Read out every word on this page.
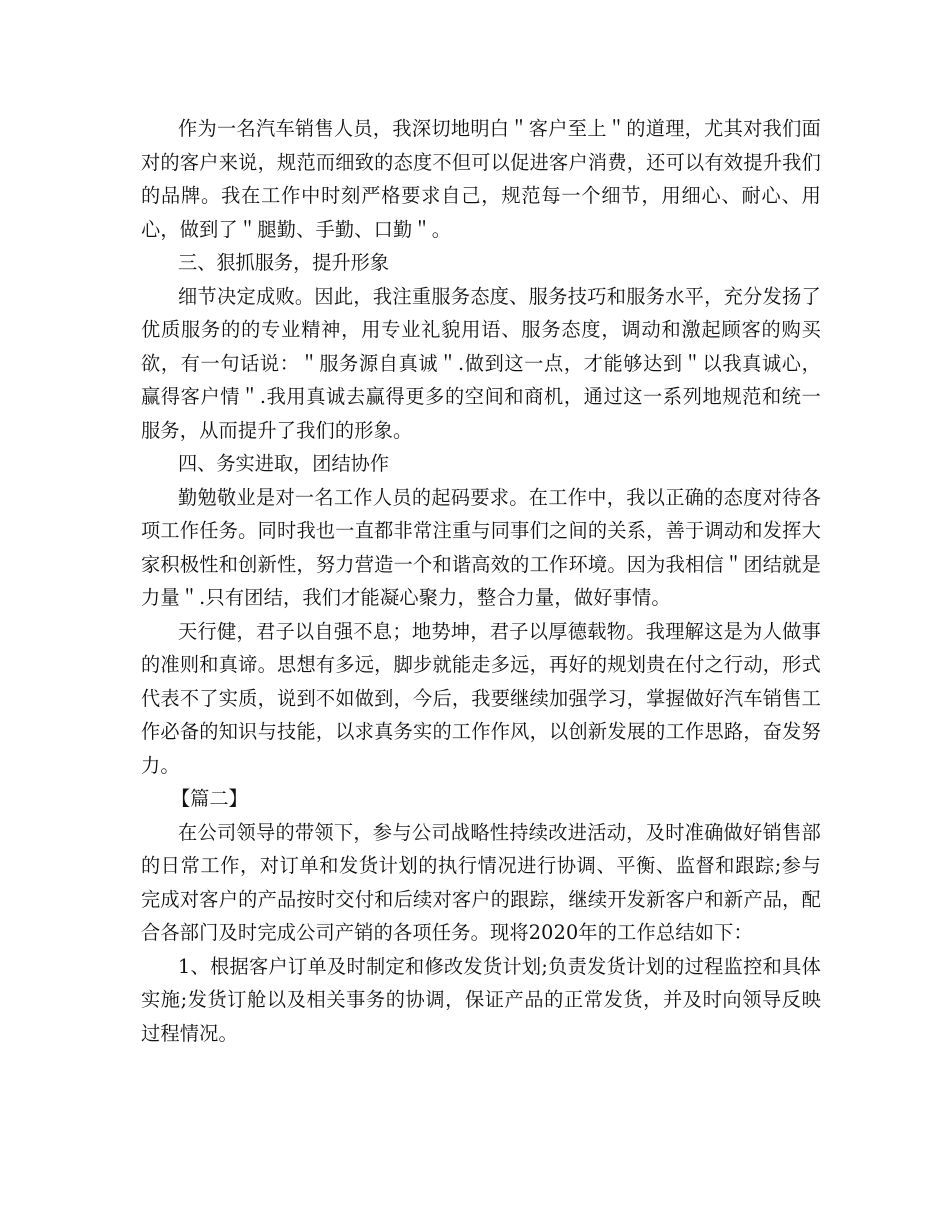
作为一名汽车销售人员，我深切地明白＂客户至上＂的道理，尤其对我们面对的客户来说，规范而细致的态度不但可以促进客户消费，还可以有效提升我们的品牌。我在工作中时刻严格要求自己，规范每一个细节，用细心、耐心、用心，做到了＂腿勤、手勤、口勤＂。

三、狠抓服务，提升形象

细节决定成败。因此，我注重服务态度、服务技巧和服务水平，充分发扬了优质服务的的专业精神，用专业礼貌用语、服务态度，调动和激起顾客的购买欲，有一句话说：＂服务源自真诚＂.做到这一点，才能够达到＂以我真诚心，赢得客户情＂.我用真诚去赢得更多的空间和商机，通过这一系列地规范和统一服务，从而提升了我们的形象。

四、务实进取，团结协作

勤勉敬业是对一名工作人员的起码要求。在工作中，我以正确的态度对待各项工作任务。同时我也一直都非常注重与同事们之间的关系，善于调动和发挥大家积极性和创新性，努力营造一个和谐高效的工作环境。因为我相信＂团结就是力量＂.只有团结，我们才能凝心聚力，整合力量，做好事情。

天行健，君子以自强不息；地势坤，君子以厚德载物。我理解这是为人做事的准则和真谛。思想有多远，脚步就能走多远，再好的规划贵在付之行动，形式代表不了实质，说到不如做到，今后，我要继续加强学习，掌握做好汽车销售工作必备的知识与技能，以求真务实的工作作风，以创新发展的工作思路，奋发努力。

【篇二】

在公司领导的带领下，参与公司战略性持续改进活动，及时准确做好销售部的日常工作，对订单和发货计划的执行情况进行协调、平衡、监督和跟踪;参与完成对客户的产品按时交付和后续对客户的跟踪，继续开发新客户和新产品，配合各部门及时完成公司产销的各项任务。现将2020年的工作总结如下：

1、根据客户订单及时制定和修改发货计划;负责发货计划的过程监控和具体实施;发货订舱以及相关事务的协调，保证产品的正常发货，并及时向领导反映过程情况。
